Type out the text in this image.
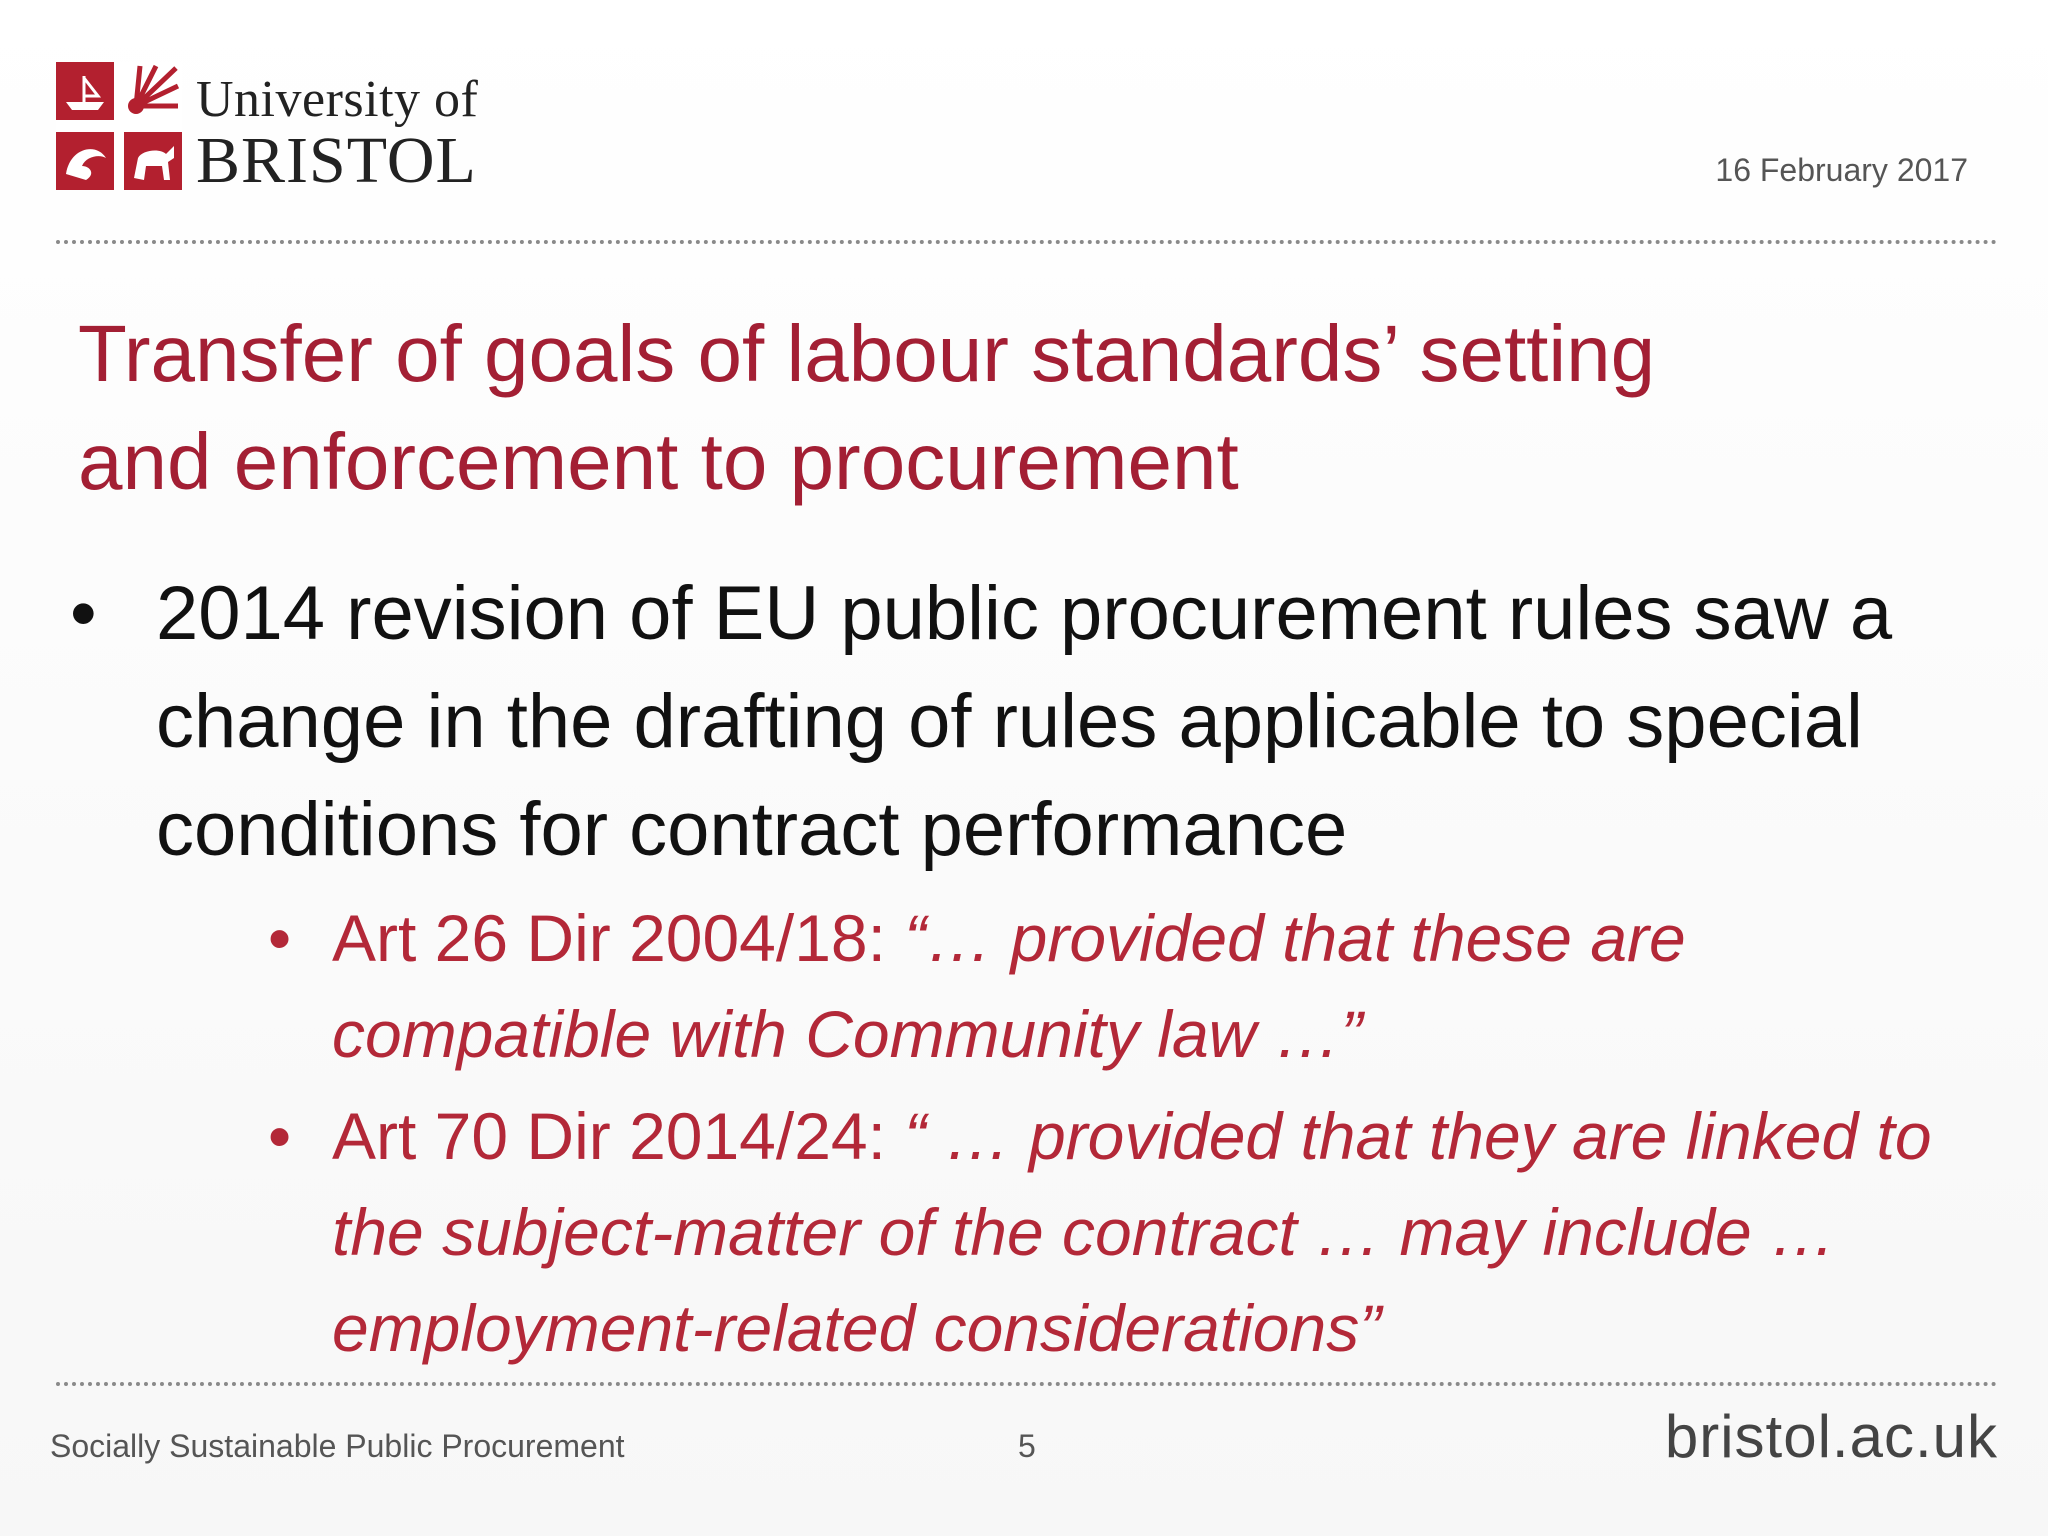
University of
BRISTOL	16 February 2017
Transfer of goals of labour standards’ setting
and enforcement to procurement
• 2014 revision of EU public procurement rules saw a change in the drafting of rules applicable to special conditions for contract performance
• Art 26 Dir 2004/18: “… provided that these are compatible with Community law …”
• Art 70 Dir 2014/24: “ … provided that they are linked to the subject-matter of the contract … may include … employment-related considerations”
Socially Sustainable Public Procurement	5	bristol.ac.uk
